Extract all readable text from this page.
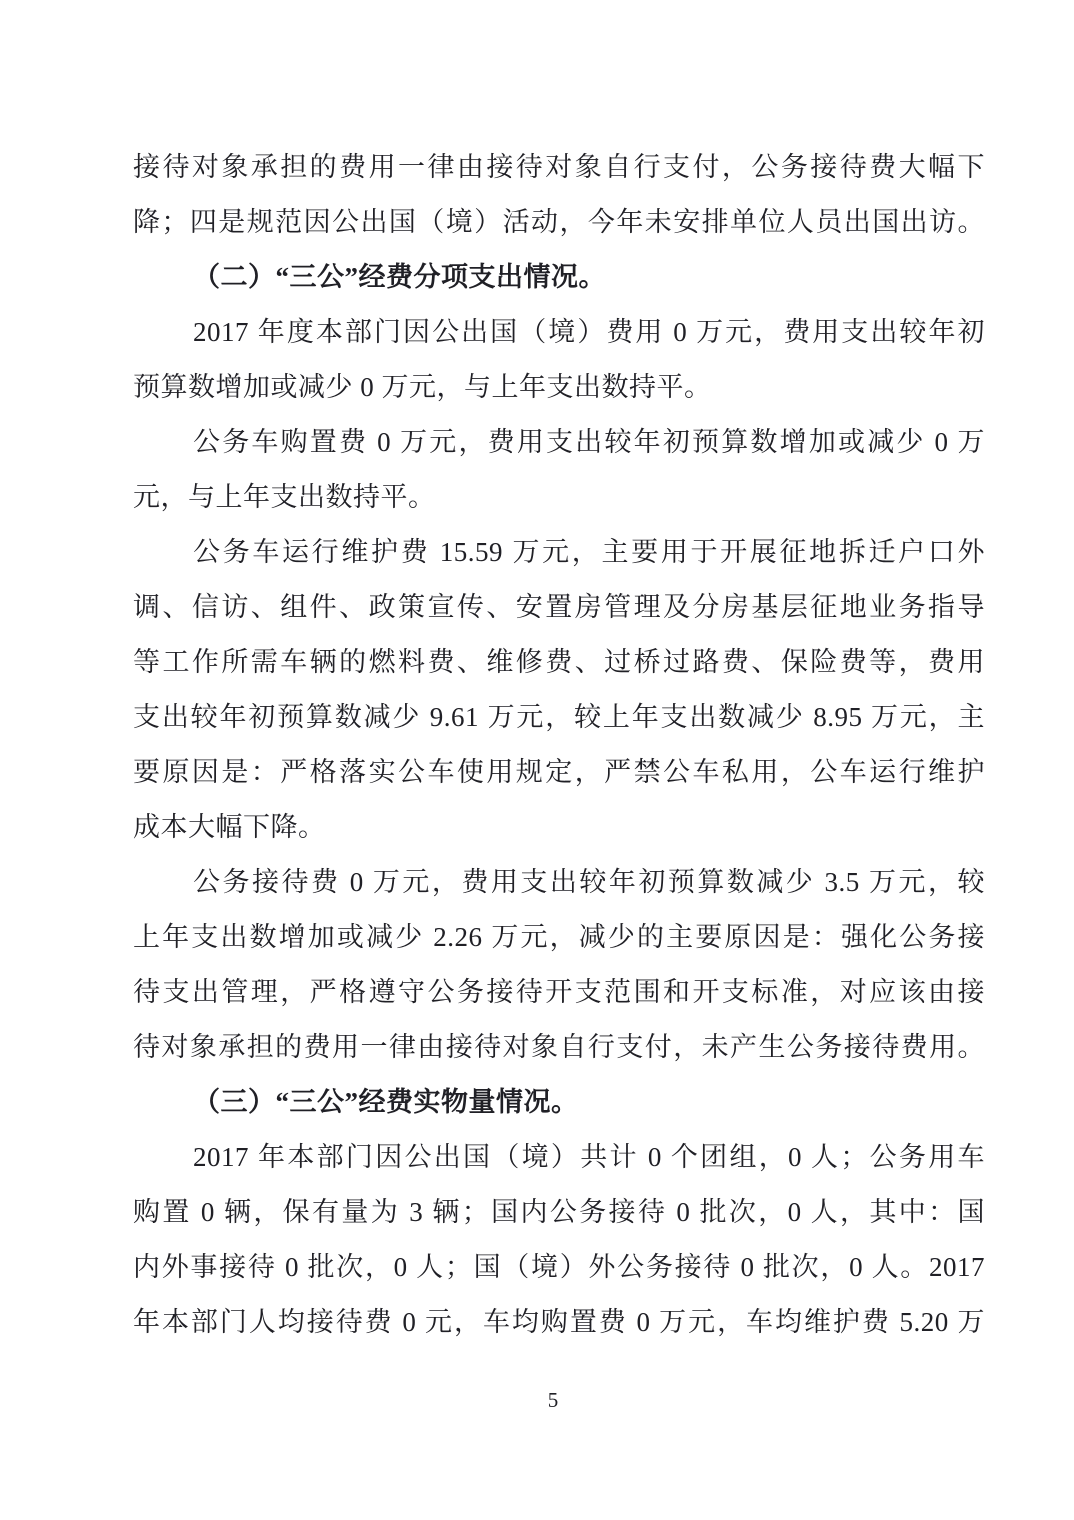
接待对象承担的费用一律由接待对象自行支付，公务接待费大幅下
降；四是规范因公出国（境）活动，今年未安排单位人员出国出访。
（二）“三公”经费分项支出情况。
2017 年度本部门因公出国（境）费用 0 万元，费用支出较年初
预算数增加或减少 0 万元，与上年支出数持平。
公务车购置费 0 万元，费用支出较年初预算数增加或减少 0 万
元，与上年支出数持平。
公务车运行维护费 15.59 万元，主要用于开展征地拆迁户口外
调、信访、组件、政策宣传、安置房管理及分房基层征地业务指导
等工作所需车辆的燃料费、维修费、过桥过路费、保险费等，费用
支出较年初预算数减少 9.61 万元，较上年支出数减少 8.95 万元，主
要原因是：严格落实公车使用规定，严禁公车私用，公车运行维护
成本大幅下降。
公务接待费 0 万元，费用支出较年初预算数减少 3.5 万元，较
上年支出数增加或减少 2.26 万元，减少的主要原因是：强化公务接
待支出管理，严格遵守公务接待开支范围和开支标准，对应该由接
待对象承担的费用一律由接待对象自行支付，未产生公务接待费用。
（三）“三公”经费实物量情况。
2017 年本部门因公出国（境）共计 0 个团组，0 人；公务用车
购置 0 辆，保有量为 3 辆；国内公务接待 0 批次，0 人，其中：国
内外事接待 0 批次，0 人；国（境）外公务接待 0 批次，0 人。2017
年本部门人均接待费 0 元，车均购置费 0 万元，车均维护费 5.20 万
5
